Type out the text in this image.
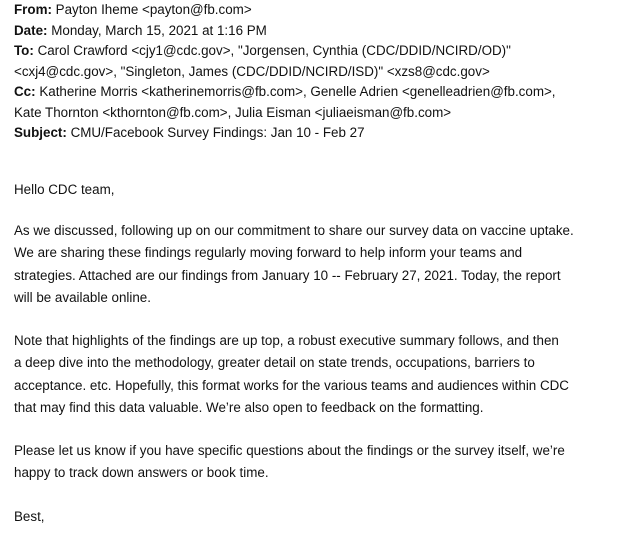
From: Payton Iheme <payton@fb.com>
Date: Monday, March 15, 2021 at 1:16 PM
To: Carol Crawford <cjy1@cdc.gov>, "Jorgensen, Cynthia (CDC/DDID/NCIRD/OD)"
<cxj4@cdc.gov>, "Singleton, James (CDC/DDID/NCIRD/ISD)" <xzs8@cdc.gov>
Cc: Katherine Morris <katherinemorris@fb.com>, Genelle Adrien <genelleadrien@fb.com>,
Kate Thornton <kthornton@fb.com>, Julia Eisman <juliaeisman@fb.com>
Subject: CMU/Facebook Survey Findings: Jan 10 - Feb 27
Hello CDC team,
As we discussed, following up on our commitment to share our survey data on vaccine uptake.
We are sharing these findings regularly moving forward to help inform your teams and
strategies. Attached are our findings from January 10 -- February 27, 2021. Today, the report
will be available online.
Note that highlights of the findings are up top, a robust executive summary follows, and then
a deep dive into the methodology, greater detail on state trends, occupations, barriers to
acceptance. etc. Hopefully, this format works for the various teams and audiences within CDC
that may find this data valuable. We’re also open to feedback on the formatting.
Please let us know if you have specific questions about the findings or the survey itself, we’re
happy to track down answers or book time.
Best,
